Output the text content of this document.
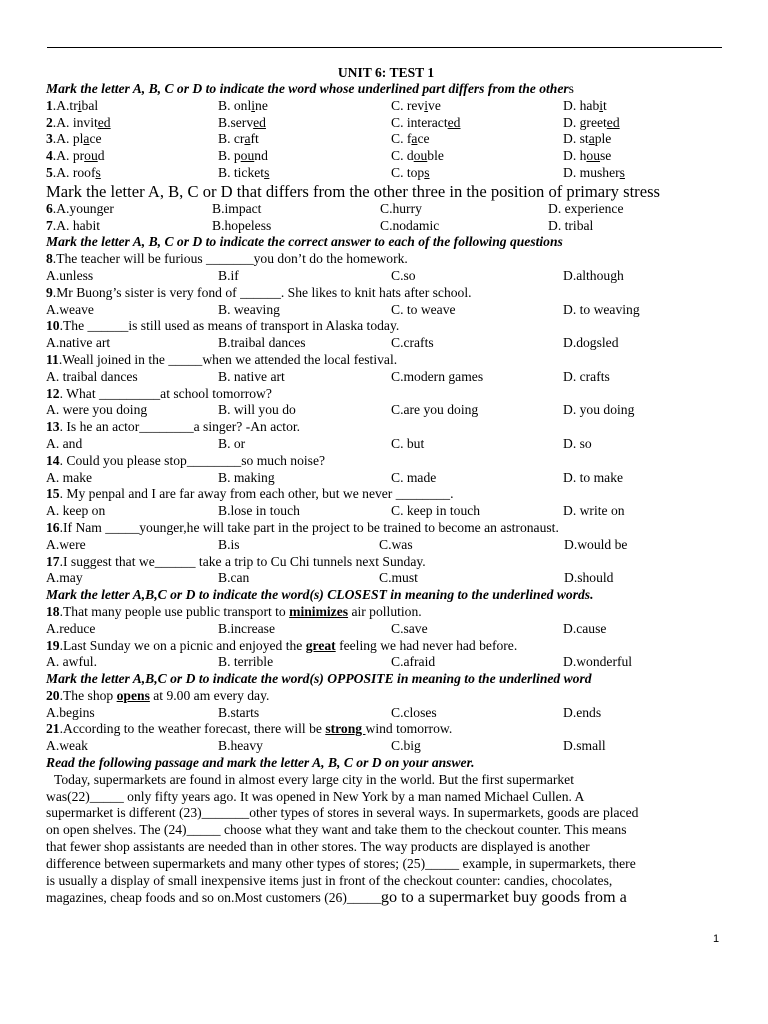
UNIT 6: TEST 1
Mark the letter A, B, C or D to indicate the word whose underlined part differs from the others
1.A.tribal	B. online	C. revive	D. habit
2.A. invited	B.served	C. interacted	D. greeted
3.A. place	B. craft	C. face	D. staple
4.A. proud	B. pound	C. double	D. house
5.A. roofs	B. tickets	C. tops	D. mushers
Mark the letter A, B, C or D that differs from the other three in the position of primary stress
6.A.younger	B.impact	C.hurry	D. experience
7.A. habit	B.hopeless	C.nodamic	D. tribal
Mark the letter A, B, C or D to indicate the correct answer to each of the following questions
8.The teacher will be furious _______you don’t do the homework.
A.unless	B.if	C.so	D.although
9.Mr Buong’s sister is very fond of ______. She likes to knit hats after school.
A.weave	B. weaving	C. to weave	D. to weaving
10.The ______is still used as means of transport in Alaska today.
A.native art	B.traibal dances	C.crafts	D.dogsled
11.Weall joined in the _____when we attended the local festival.
A. traibal dances	B. native art	C.modern games	D. crafts
12. What _________at school tomorrow?
A. were you doing	B. will you do	C.are you doing	D. you doing
13. Is he an actor________a singer? -An actor.
A. and	B. or	C. but	D. so
14. Could you please stop________so much noise?
A. make	B. making	C. made	D. to make
15. My penpal and I are far away from each other, but we never ________.
A. keep on	B.lose in touch	C. keep in touch	D. write on
16.If Nam _____younger,he will take part in the project to be trained to become an astronaust.
A.were	B.is	C.was	D.would be
17.I suggest that we______ take a trip to Cu Chi tunnels next Sunday.
A.may	B.can	C.must	D.should
Mark the letter A,B,C or D to indicate the word(s) CLOSEST in meaning to the underlined words.
18.That many people use public transport to minimizes air pollution.
A.reduce	B.increase	C.save	D.cause
19.Last Sunday we on a picnic and enjoyed the great feeling we had never had before.
A. awful.	B. terrible	C.afraid	D.wonderful
Mark the letter A,B,C or D to indicate the word(s) OPPOSITE in meaning to the underlined word
20.The shop opens at 9.00 am every day.
A.begins	B.starts	C.closes	D.ends
21.According to the weather forecast, there will be strong wind tomorrow.
A.weak	B.heavy	C.big	D.small
Read the following passage and mark the letter A, B, C or D on your answer.
Today, supermarkets are found in almost every large city in the world. But the first supermarket
was(22)_____ only fifty years ago. It was opened in New York by a man named Michael Cullen. A
supermarket is different (23)_______other types of stores in several ways. In supermarkets, goods are placed
on open shelves. The (24)_____ choose what they want and take them to the checkout counter. This means
that fewer shop assistants are needed than in other stores. The way products are displayed is another
difference between supermarkets and many other types of stores; (25)_____ example, in supermarkets, there
is usually a display of small inexpensive items just in front of the checkout counter: candies, chocolates,
magazines, cheap foods and so on.Most customers (26)_____go to a supermarket buy goods from a
1
